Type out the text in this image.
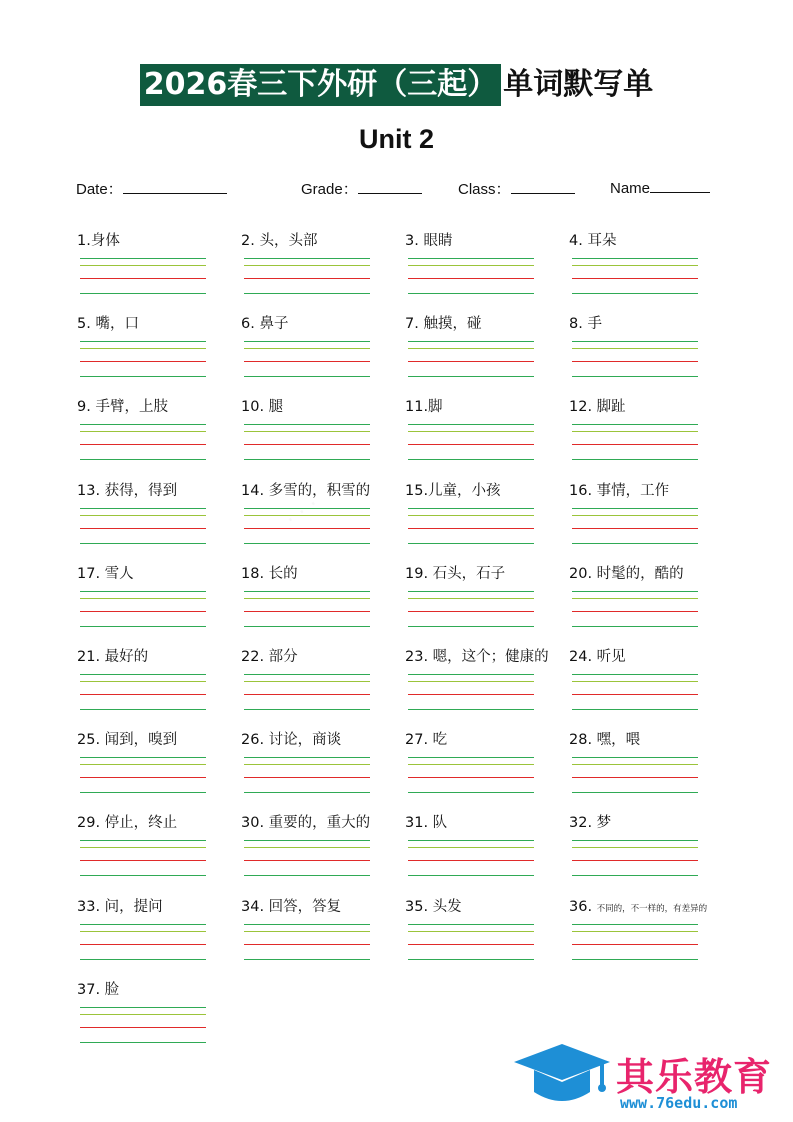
2026春三下外研（三起） 单词默写单
Unit 2
Date：	Grade：	Class：	Name
· · ·
1.身体	2. 头，头部	3. 眼睛	4. 耳朵
5. 嘴，口	6. 鼻子	7. 触摸，碰	8. 手
9. 手臂，上肢	10. 腿	11.脚	12. 脚趾
13. 获得，得到	14. 多雪的，积雪的 15.儿童，小孩	16. 事情，工作
17. 雪人	18. 长的	19. 石头，石子	20. 时髦的，酷的
21. 最好的	22. 部分	23. 嗯，这个；健康的 24. 听见
25. 闻到，嗅到	26. 讨论，商谈	27. 吃	28. 嘿，喂
29. 停止，终止	30. 重要的，重大的 31. 队	32. 梦
33. 问，提问	34. 回答，答复	35. 头发	36. 不同的，不一样的，有差异的
37. 脸
其乐教育
www.76edu.com
